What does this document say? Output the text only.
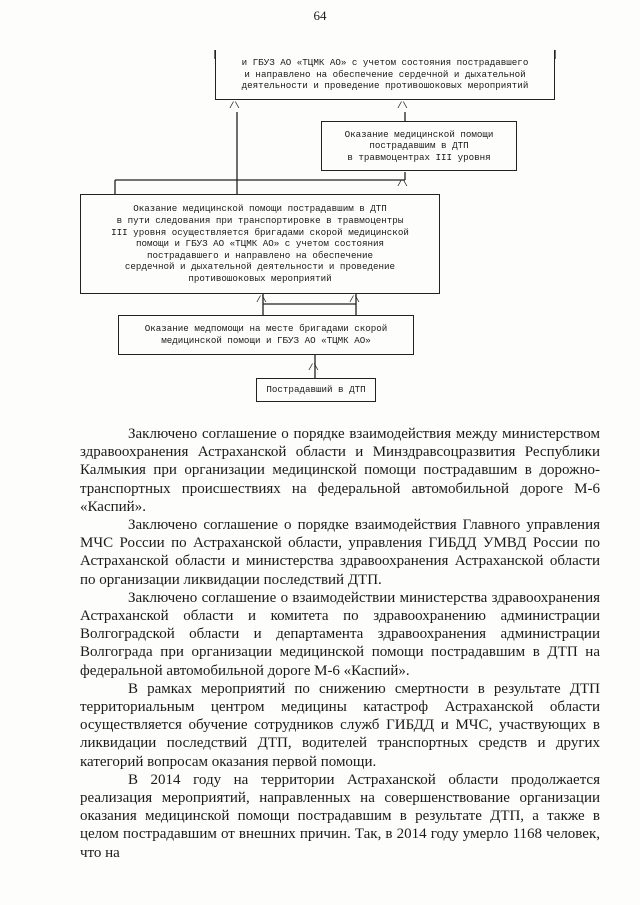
64
/\	/\
/\
/\	/\
/\
и ГБУЗ АО «ТЦМК АО» с учетом состояния пострадавшего
и направлено на обеспечение сердечной и дыхательной
деятельности и проведение противошоковых мероприятий
Оказание медицинской помощи
пострадавшим в ДТП
в травмоцентрах III уровня
Оказание медицинской помощи пострадавшим в ДТП
в пути следования при транспортировке в травмоцентры
III уровня осуществляется бригадами скорой медицинской
помощи и ГБУЗ АО «ТЦМК АО» с учетом состояния
пострадавшего и направлено на обеспечение
сердечной и дыхательной деятельности и проведение
противошоковых мероприятий
Оказание медпомощи на месте бригадами скорой
медицинской помощи и ГБУЗ АО «ТЦМК АО»
Пострадавший в ДТП

Заключено соглашение о порядке взаимодействия между министерством здравоохранения Астраханской области и Минздравсоцразвития Республики Калмыкия при организации медицинской помощи пострадавшим в дорожно-транспортных происшествиях на федеральной автомобильной дороге М-6 «Каспий».

Заключено соглашение о порядке взаимодействия Главного управления МЧС России по Астраханской области, управления ГИБДД УМВД России по Астраханской области и министерства здравоохранения Астраханской области по организации ликвидации последствий ДТП.

Заключено соглашение о взаимодействии министерства здравоохранения Астраханской области и комитета по здравоохранению администрации Волгоградской области и департамента здравоохранения администрации Волгограда при организации медицинской помощи пострадавшим в ДТП на федеральной автомобильной дороге М-6 «Каспий».

В рамках мероприятий по снижению смертности в результате ДТП территориальным центром медицины катастроф Астраханской области осуществляется обучение сотрудников служб ГИБДД и МЧС, участвующих в ликвидации последствий ДТП, водителей транспортных средств и других категорий вопросам оказания первой помощи.

В 2014 году на территории Астраханской области продолжается реализация мероприятий, направленных на совершенствование организации оказания медицинской помощи пострадавшим в результате ДТП, а также в целом пострадавшим от внешних причин. Так, в 2014 году умерло 1168 человек, что на
